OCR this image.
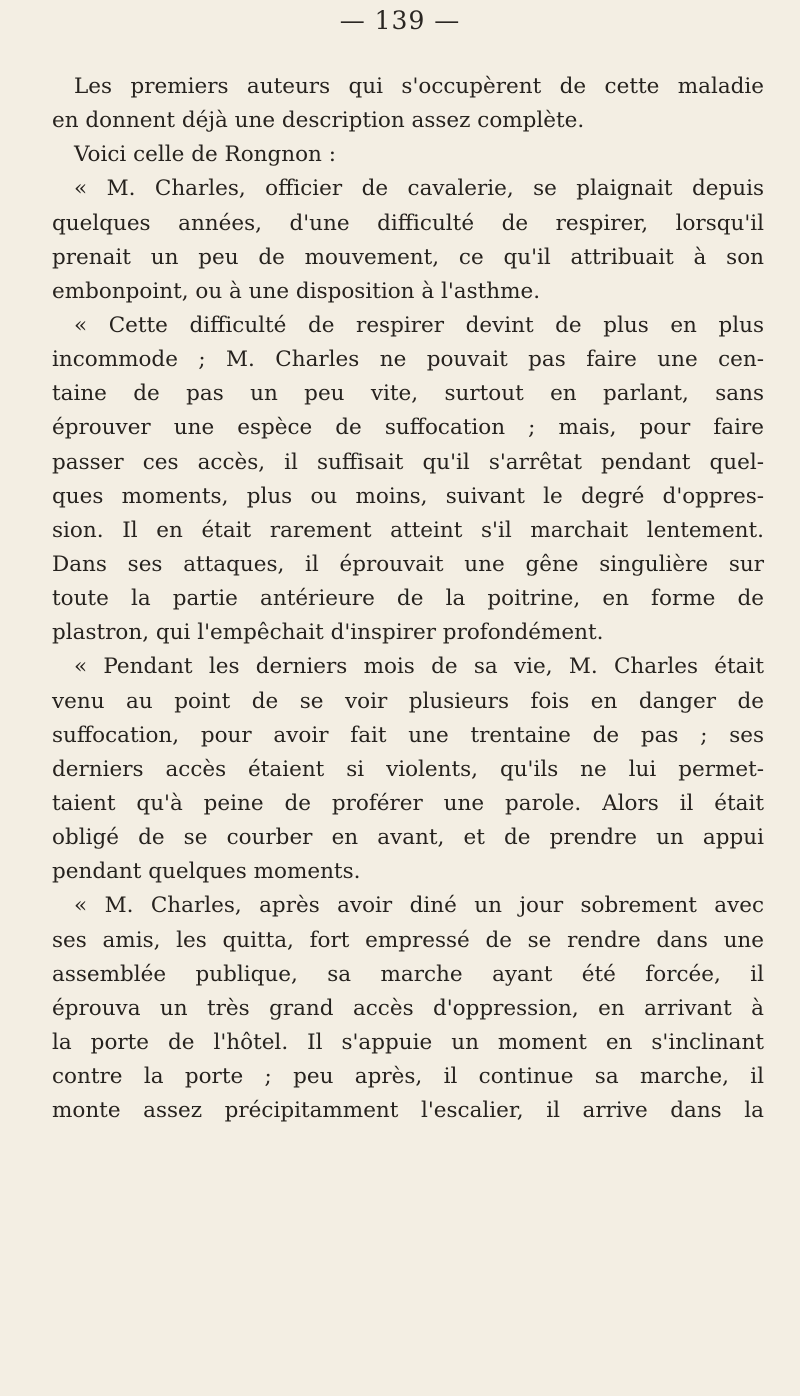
— 139 —
Les premiers auteurs qui s'occupèrent de cette maladie
en donnent déjà une description assez complète.
Voici celle de Rongnon :
« M. Charles, officier de cavalerie, se plaignait depuis
quelques années, d'une difficulté de respirer, lorsqu'il
prenait un peu de mouvement, ce qu'il attribuait à son
embonpoint, ou à une disposition à l'asthme.
« Cette difficulté de respirer devint de plus en plus
incommode ; M. Charles ne pouvait pas faire une cen-
taine de pas un peu vite, surtout en parlant, sans
éprouver une espèce de suffocation ; mais, pour faire
passer ces accès, il suffisait qu'il s'arrêtat pendant quel-
ques moments, plus ou moins, suivant le degré d'oppres-
sion. Il en était rarement atteint s'il marchait lentement.
Dans ses attaques, il éprouvait une gêne singulière sur
toute la partie antérieure de la poitrine, en forme de
plastron, qui l'empêchait d'inspirer profondément.
« Pendant les derniers mois de sa vie, M. Charles était
venu au point de se voir plusieurs fois en danger de
suffocation, pour avoir fait une trentaine de pas ; ses
derniers accès étaient si violents, qu'ils ne lui permet-
taient qu'à peine de proférer une parole. Alors il était
obligé de se courber en avant, et de prendre un appui
pendant quelques moments.
« M. Charles, après avoir diné un jour sobrement avec
ses amis, les quitta, fort empressé de se rendre dans une
assemblée publique, sa marche ayant été forcée, il
éprouva un très grand accès d'oppression, en arrivant à
la porte de l'hôtel. Il s'appuie un moment en s'inclinant
contre la porte ; peu après, il continue sa marche, il
monte assez précipitamment l'escalier, il arrive dans la
